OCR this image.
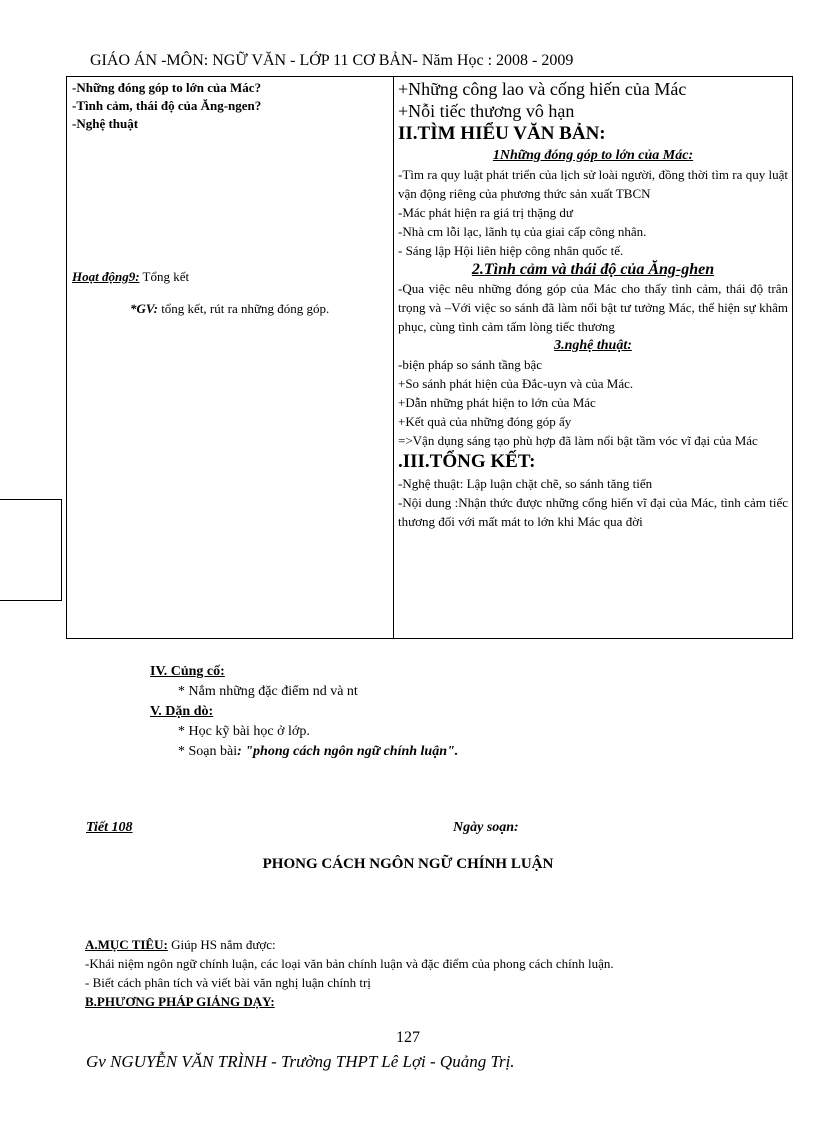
GIÁO ÁN -MÔN: NGỮ VĂN - LỚP 11 CƠ BẢN- Năm Học : 2008 - 2009
-Những đóng góp to lớn của Mác?
-Tình cảm, thái độ của Ăng-ngen?
-Nghệ thuật
Hoạt động9: Tổng kết
*GV: tổng kết, rút ra những đóng góp.
+Những công lao và cống hiến của Mác
+Nỗi tiếc thương vô hạn
II.TÌM HIỂU VĂN BẢN:
1Những đóng góp to lớn của Mác:
-Tìm ra quy luật phát triển của lịch sử loài người, đồng thời tìm ra quy luật vận động riêng của phương thức sản xuất TBCN
-Mác phát hiện ra giá trị thặng dư
-Nhà cm lỗi lạc, lãnh tụ của giai cấp công nhân.
- Sáng lập Hội liên hiệp công nhân quốc tế.
2.Tình cảm và thái độ của Ăng-ghen
-Qua việc nêu những đóng góp của Mác cho thấy tình cảm, thái độ trân trọng và –Với việc so sánh đã làm nổi bật tư tưởng Mác, thể hiện sự khâm phục, cùng tình cảm tấm lòng tiếc thương
3.nghệ thuật:
-biện pháp so sánh tầng bậc
+So sánh phát hiện của Đắc-uyn và của Mác.
+Dẫn những phát hiện to lớn của Mác
+Kết quả của những đóng góp ấy
=>Vận dụng sáng tạo phù hợp đã làm nổi bật tầm vóc vĩ đại của Mác
.III.TỔNG KẾT:
-Nghệ thuật: Lập luận chặt chẽ, so sánh tăng tiến
-Nội dung :Nhận thức được những cống hiến vĩ đại của Mác, tình cảm tiếc thương đối với mất mát to lớn khi Mác qua đời
IV. Củng cố:
* Nắm những đặc điểm nd và nt
V. Dặn dò:
* Học kỹ bài học ở lớp.
* Soạn bài: "phong cách ngôn ngữ chính luận".
Tiết 108	Ngày soạn:
PHONG CÁCH NGÔN NGỮ CHÍNH LUẬN
A.MỤC TIÊU: Giúp HS nắm được:
-Khái niệm ngôn ngữ chính luận, các loại văn bản chính luận và đặc điểm của phong cách chính luận.
- Biết cách phân tích và viết bài văn nghị luận chính trị
B.PHƯƠNG PHÁP GIẢNG DẠY:
127
Gv NGUYỄN VĂN TRÌNH - Trường THPT Lê Lợi - Quảng Trị.
